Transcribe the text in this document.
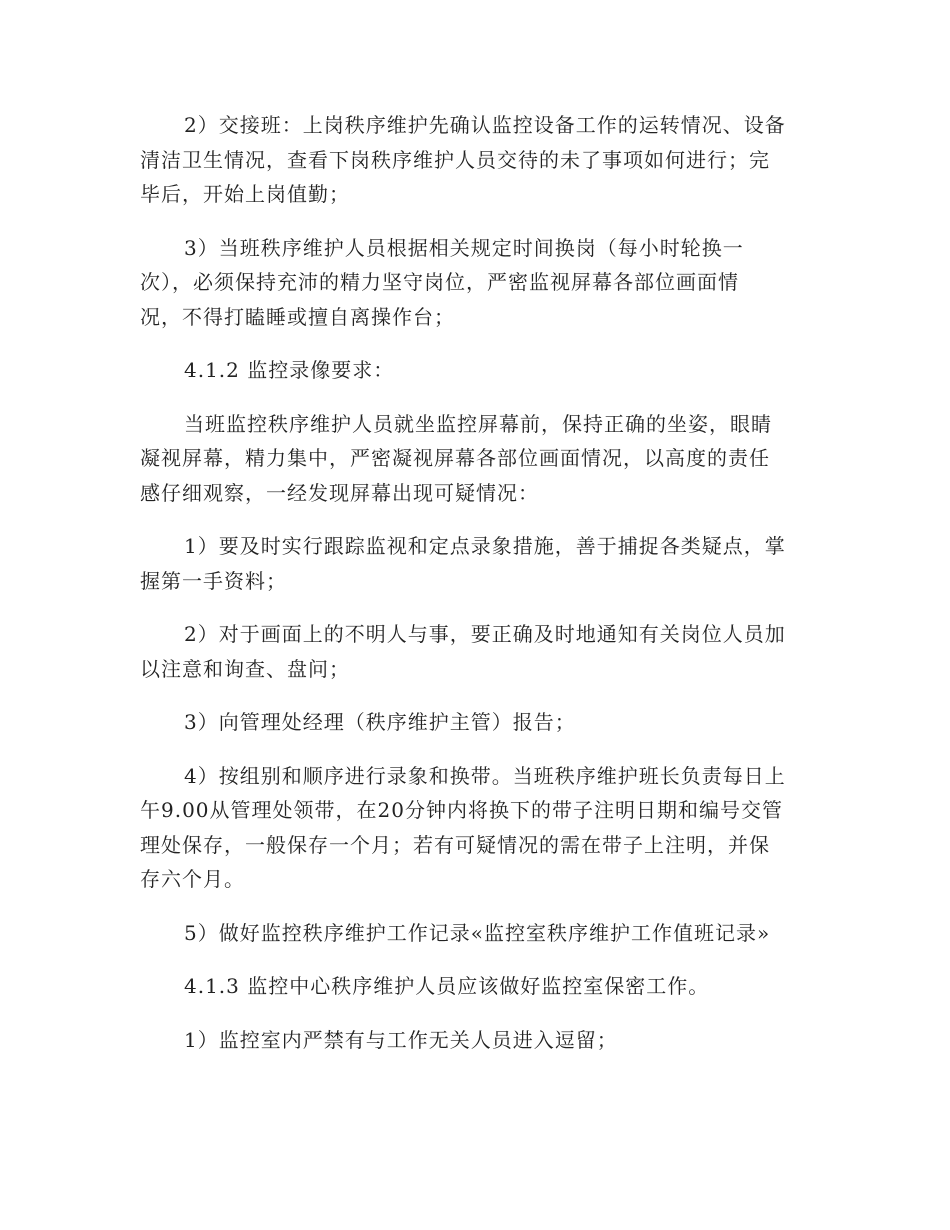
2）交接班：上岗秩序维护先确认监控设备工作的运转情况、设备
清洁卫生情况，查看下岗秩序维护人员交待的未了事项如何进行；完
毕后，开始上岗值勤；
3）当班秩序维护人员根据相关规定时间换岗（每小时轮换一
次），必须保持充沛的精力坚守岗位，严密监视屏幕各部位画面情
况，不得打瞌睡或擅自离操作台；
4.1.2 监控录像要求：
当班监控秩序维护人员就坐监控屏幕前，保持正确的坐姿，眼睛
凝视屏幕，精力集中，严密凝视屏幕各部位画面情况，以高度的责任
感仔细观察，一经发现屏幕出现可疑情况：
1）要及时实行跟踪监视和定点录象措施，善于捕捉各类疑点，掌
握第一手资料；
2）对于画面上的不明人与事，要正确及时地通知有关岗位人员加
以注意和询查、盘问；
3）向管理处经理（秩序维护主管）报告；
4）按组别和顺序进行录象和换带。当班秩序维护班长负责每日上
午9.00从管理处领带，在20分钟内将换下的带子注明日期和编号交管
理处保存，一般保存一个月；若有可疑情况的需在带子上注明，并保
存六个月。
5）做好监控秩序维护工作记录«监控室秩序维护工作值班记录»
4.1.3 监控中心秩序维护人员应该做好监控室保密工作。
1）监控室内严禁有与工作无关人员进入逗留；
